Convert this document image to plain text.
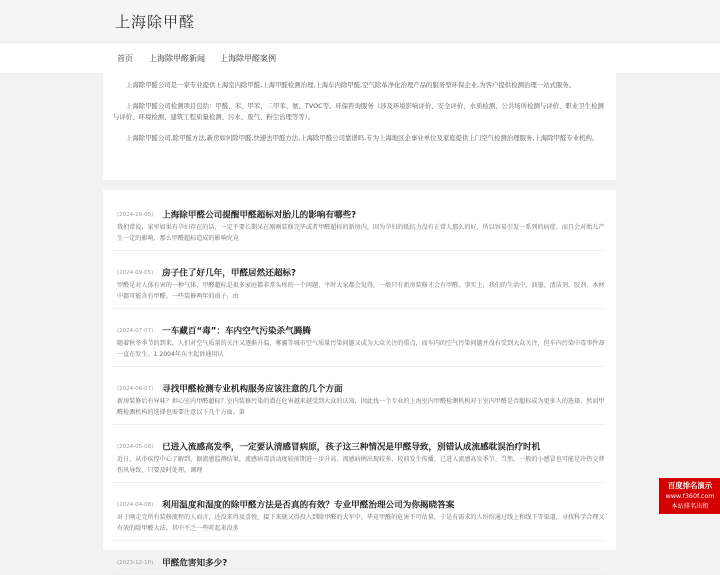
上海除甲醛
首页 上海除甲醛新闻 上海除甲醛案例

上海除甲醛公司是一家专业提供上海室内除甲醛,上海甲醛检测治理,上海车内除甲醛,空气除革净化治理产品的服务型环保企业,为客户提供检测治理一站式服务。

上海除甲醛公司检测项目包括：甲醛、苯、甲苯、二甲苯、氨、TVOC等。环保咨询服务（涉及环境影响评价、安全评价、水质检测、公共场所检测与评价、职业卫生检测与评价、环境检测、建筑工程质量检测、污水、废气、粉尘治理等等）。

上海除甲醛公司,除甲醛方法,新房如何除甲醛,快速去甲醛方法,上海除甲醛公司靠谱吗,专为上海地区企事业单位及家庭提供上门空气检测治理服务,上海除甲醛专业机构。

(2024-10-05) 上海除甲醛公司提醒甲醛超标对胎儿的影响有哪些?
我们常说，家里如果有孕妇存在的话，一定不要长期呆在刚刚装修完毕或者甲醛超标的新房内，因为孕妇的抵抗力没有正常人那么的好，所以容易引发一系列的病症。而且会对胎儿产生一定的影响，那么甲醛超标造成的影响究竟
(2024-09-05) 房子住了好几年，甲醛居然还超标?
甲醛是对人体有害的一种气体，甲醛超标是很多家庭都非常头疼的一个问题，平时大家都会觉得，一般只有新房装修才会有甲醛。事实上，我们的生活中，油墨、清洁剂、胶剂、木材中都可能含有甲醛。一些装修两年的房子，由
(2024-07-07) 一车藏百“毒”：车内空气污染杀气腾腾
随着秋冬季节的到来，人们对空气质量的关注又逐渐升温，雾霾等城市空气质量污染问题又成为大众关注的重点，而车内的空气污染问题并没有受到大众关注，但车内污染中毒事件却一直在发生。1.2004年东主起诉通用认
(2024-06-07) 寻找甲醛检测专业机构服务应该注意的几个方面
新房装修后有异味？担心室内甲醛超标？室内装修污染的潜在危害越来越受到大众的认知，因此找一个专业的上海室内甲醛检测机构对于室内甲醛是否超标成为更多人的选择，然而甲醛检测机构的选择也需要注意以下几个方面。第
(2024-05-08) 已进入流感高发季，一定要认清感冒病原，孩子这三种情况是甲醛导致，别错认成流感耽误治疗时机
近日，从市疾控中心了解到，据流感监测结果，流感病毒活动度较前期进一步升高。流感病例出现较多，较前发生传播，已进入流感高发季节。当然，一般的小感冒也可能是冷热交替伤风导致，只要及时处理，调理
(2024-04-08) 利用温度和湿度的除甲醛方法是否真的有效？专业甲醛治理公司为你揭晓答案
对于刚走完所有装修流程的人而言，还没来得及喜悦，接下来就又得投入到除甲醛的大军中，毕竟甲醛的危害不可估量，于是有需求的人纷纷通过线上和线下等渠道，寻找科学合理又有效的除甲醛大法。其中不乏一些听起来没多
(2023-12-10) 甲醛危害知多少?
百度排名演示
www.f360f.com
本站排名出租
